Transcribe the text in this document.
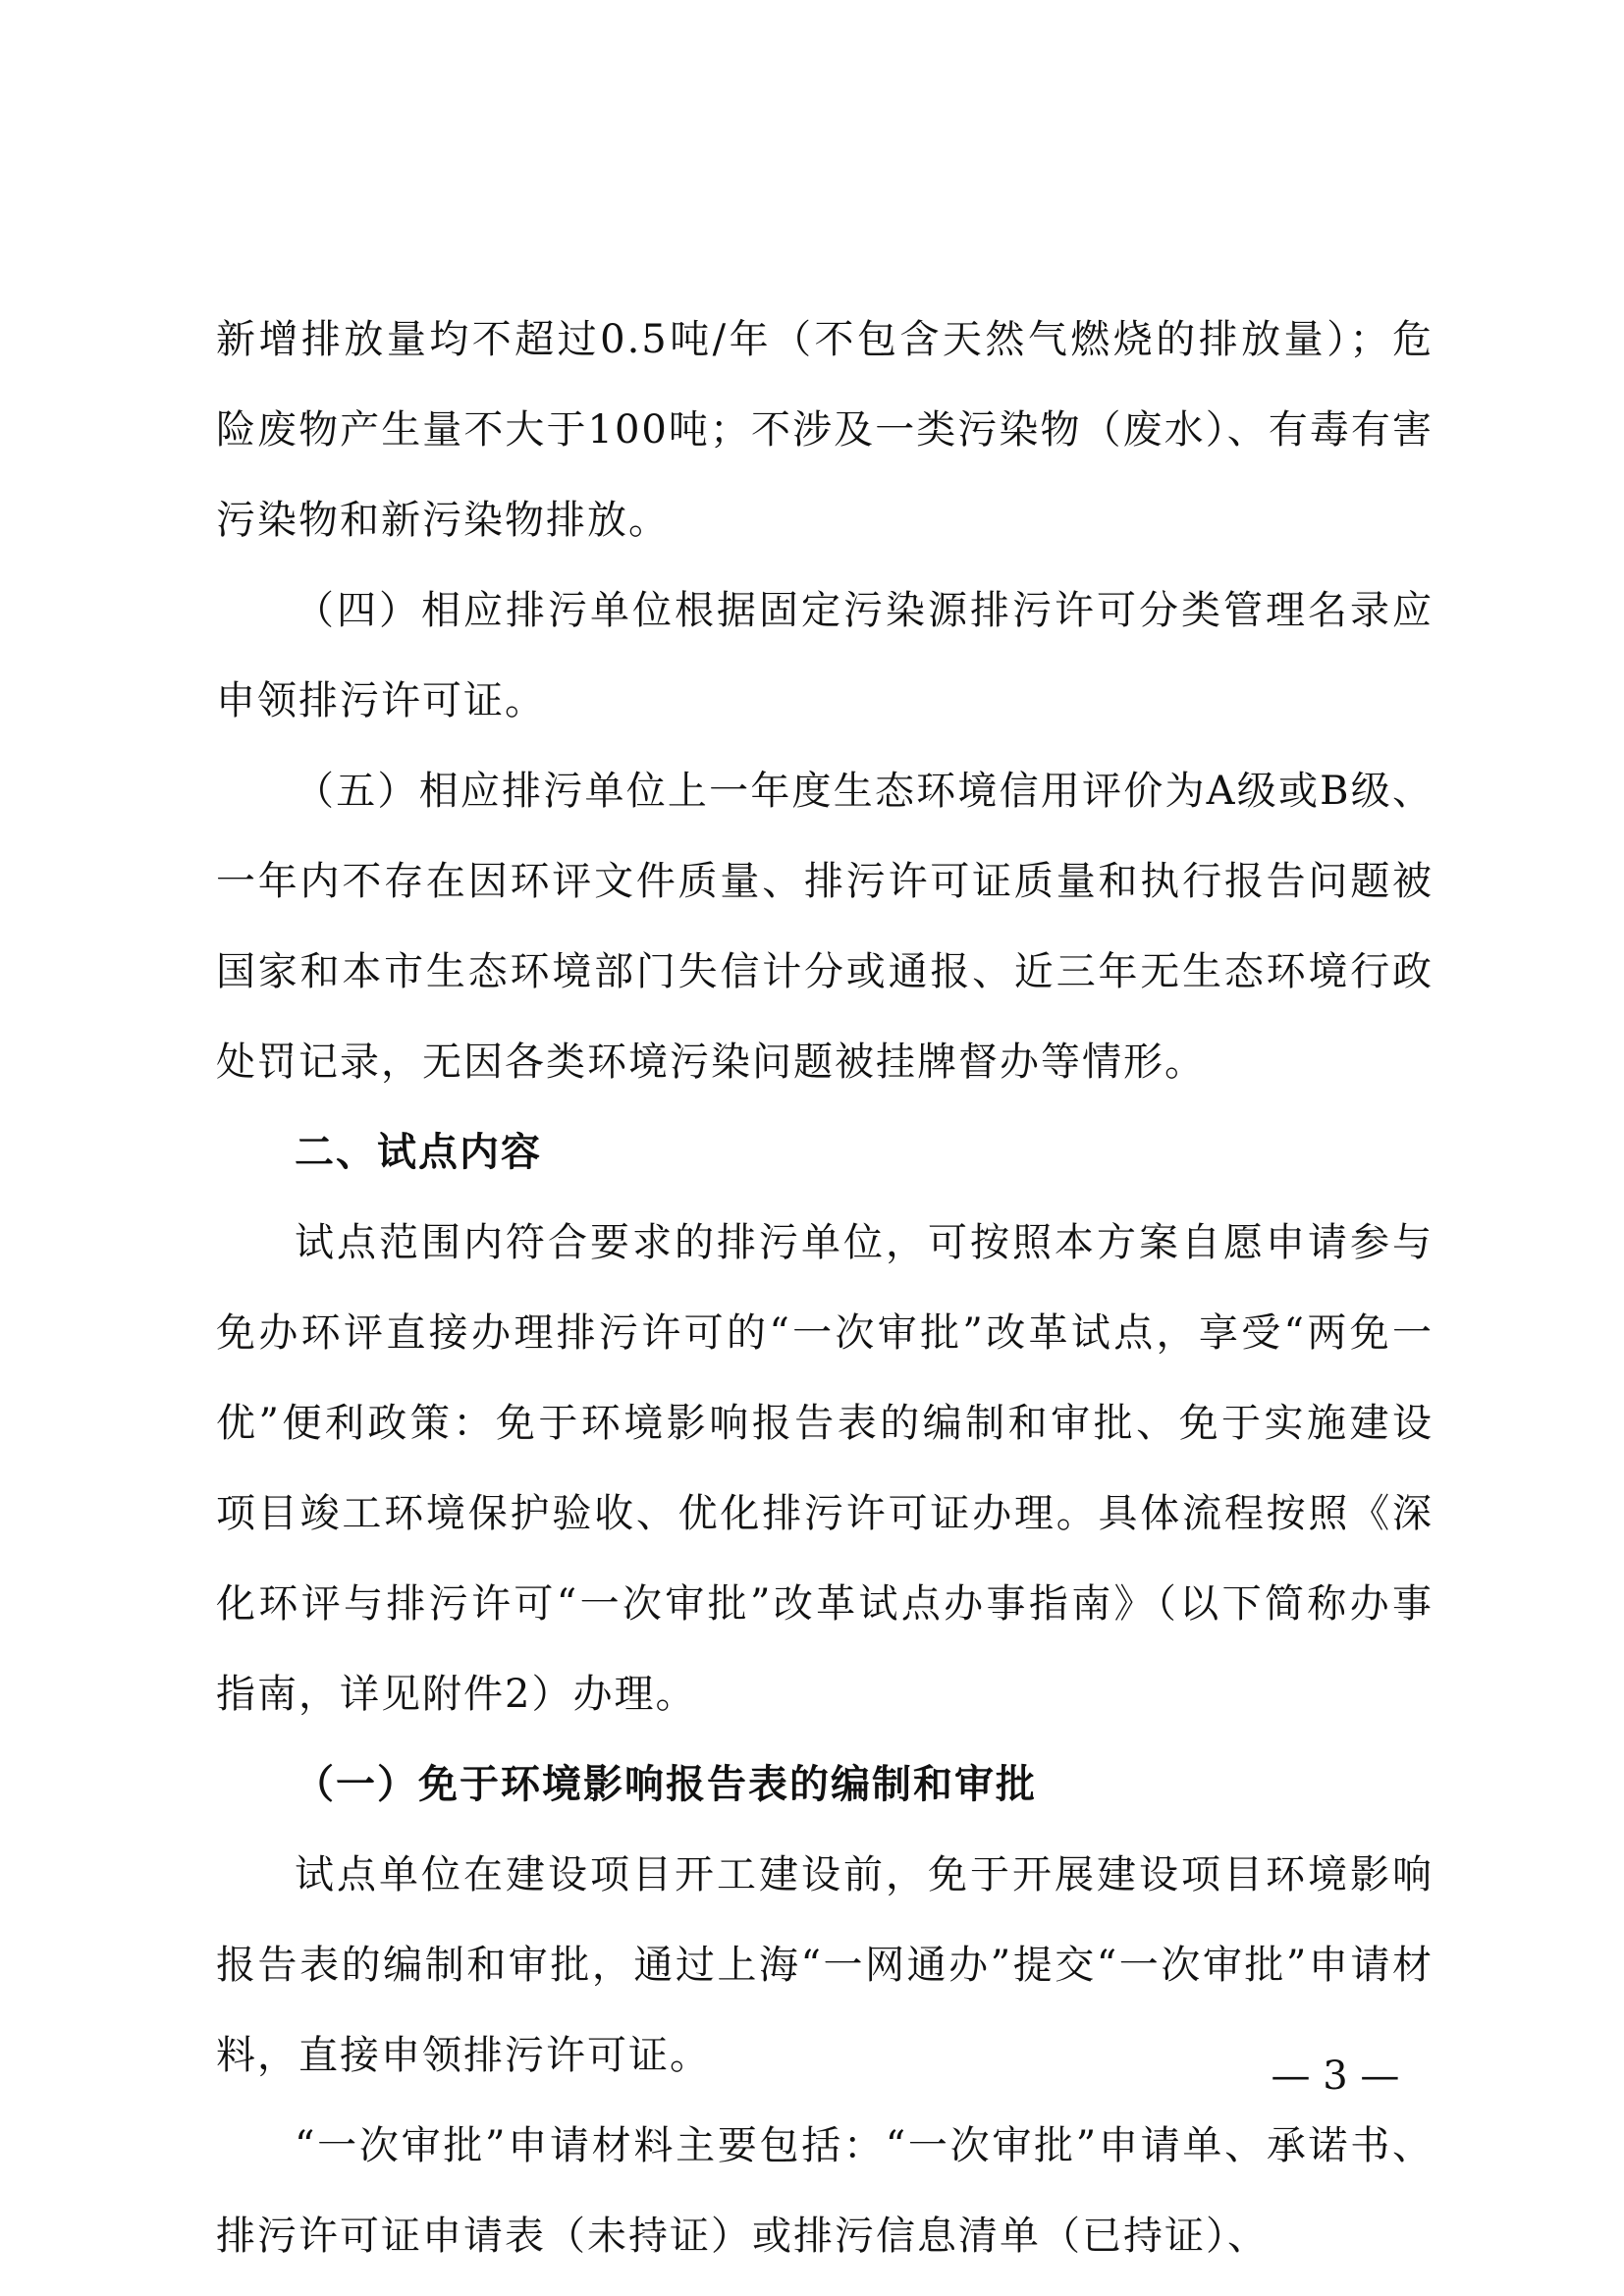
新增排放量均不超过0.5吨/年（不包含天然气燃烧的排放量）；危险废物产生量不大于100吨；不涉及一类污染物（废水）、有毒有害污染物和新污染物排放。

（四）相应排污单位根据固定污染源排污许可分类管理名录应申领排污许可证。

（五）相应排污单位上一年度生态环境信用评价为A级或B级、一年内不存在因环评文件质量、排污许可证质量和执行报告问题被国家和本市生态环境部门失信计分或通报、近三年无生态环境行政处罚记录，无因各类环境污染问题被挂牌督办等情形。

二、试点内容

试点范围内符合要求的排污单位，可按照本方案自愿申请参与免办环评直接办理排污许可的“一次审批”改革试点，享受“两免一优”便利政策：免于环境影响报告表的编制和审批、免于实施建设项目竣工环境保护验收、优化排污许可证办理。具体流程按照《深化环评与排污许可“一次审批”改革试点办事指南》（以下简称办事指南，详见附件2）办理。

（一）免于环境影响报告表的编制和审批

试点单位在建设项目开工建设前，免于开展建设项目环境影响报告表的编制和审批，通过上海“一网通办”提交“一次审批”申请材料，直接申领排污许可证。

“一次审批”申请材料主要包括：“一次审批”申请单、承诺书、排污许可证申请表（未持证）或排污信息清单（已持证）、

— 3 —
